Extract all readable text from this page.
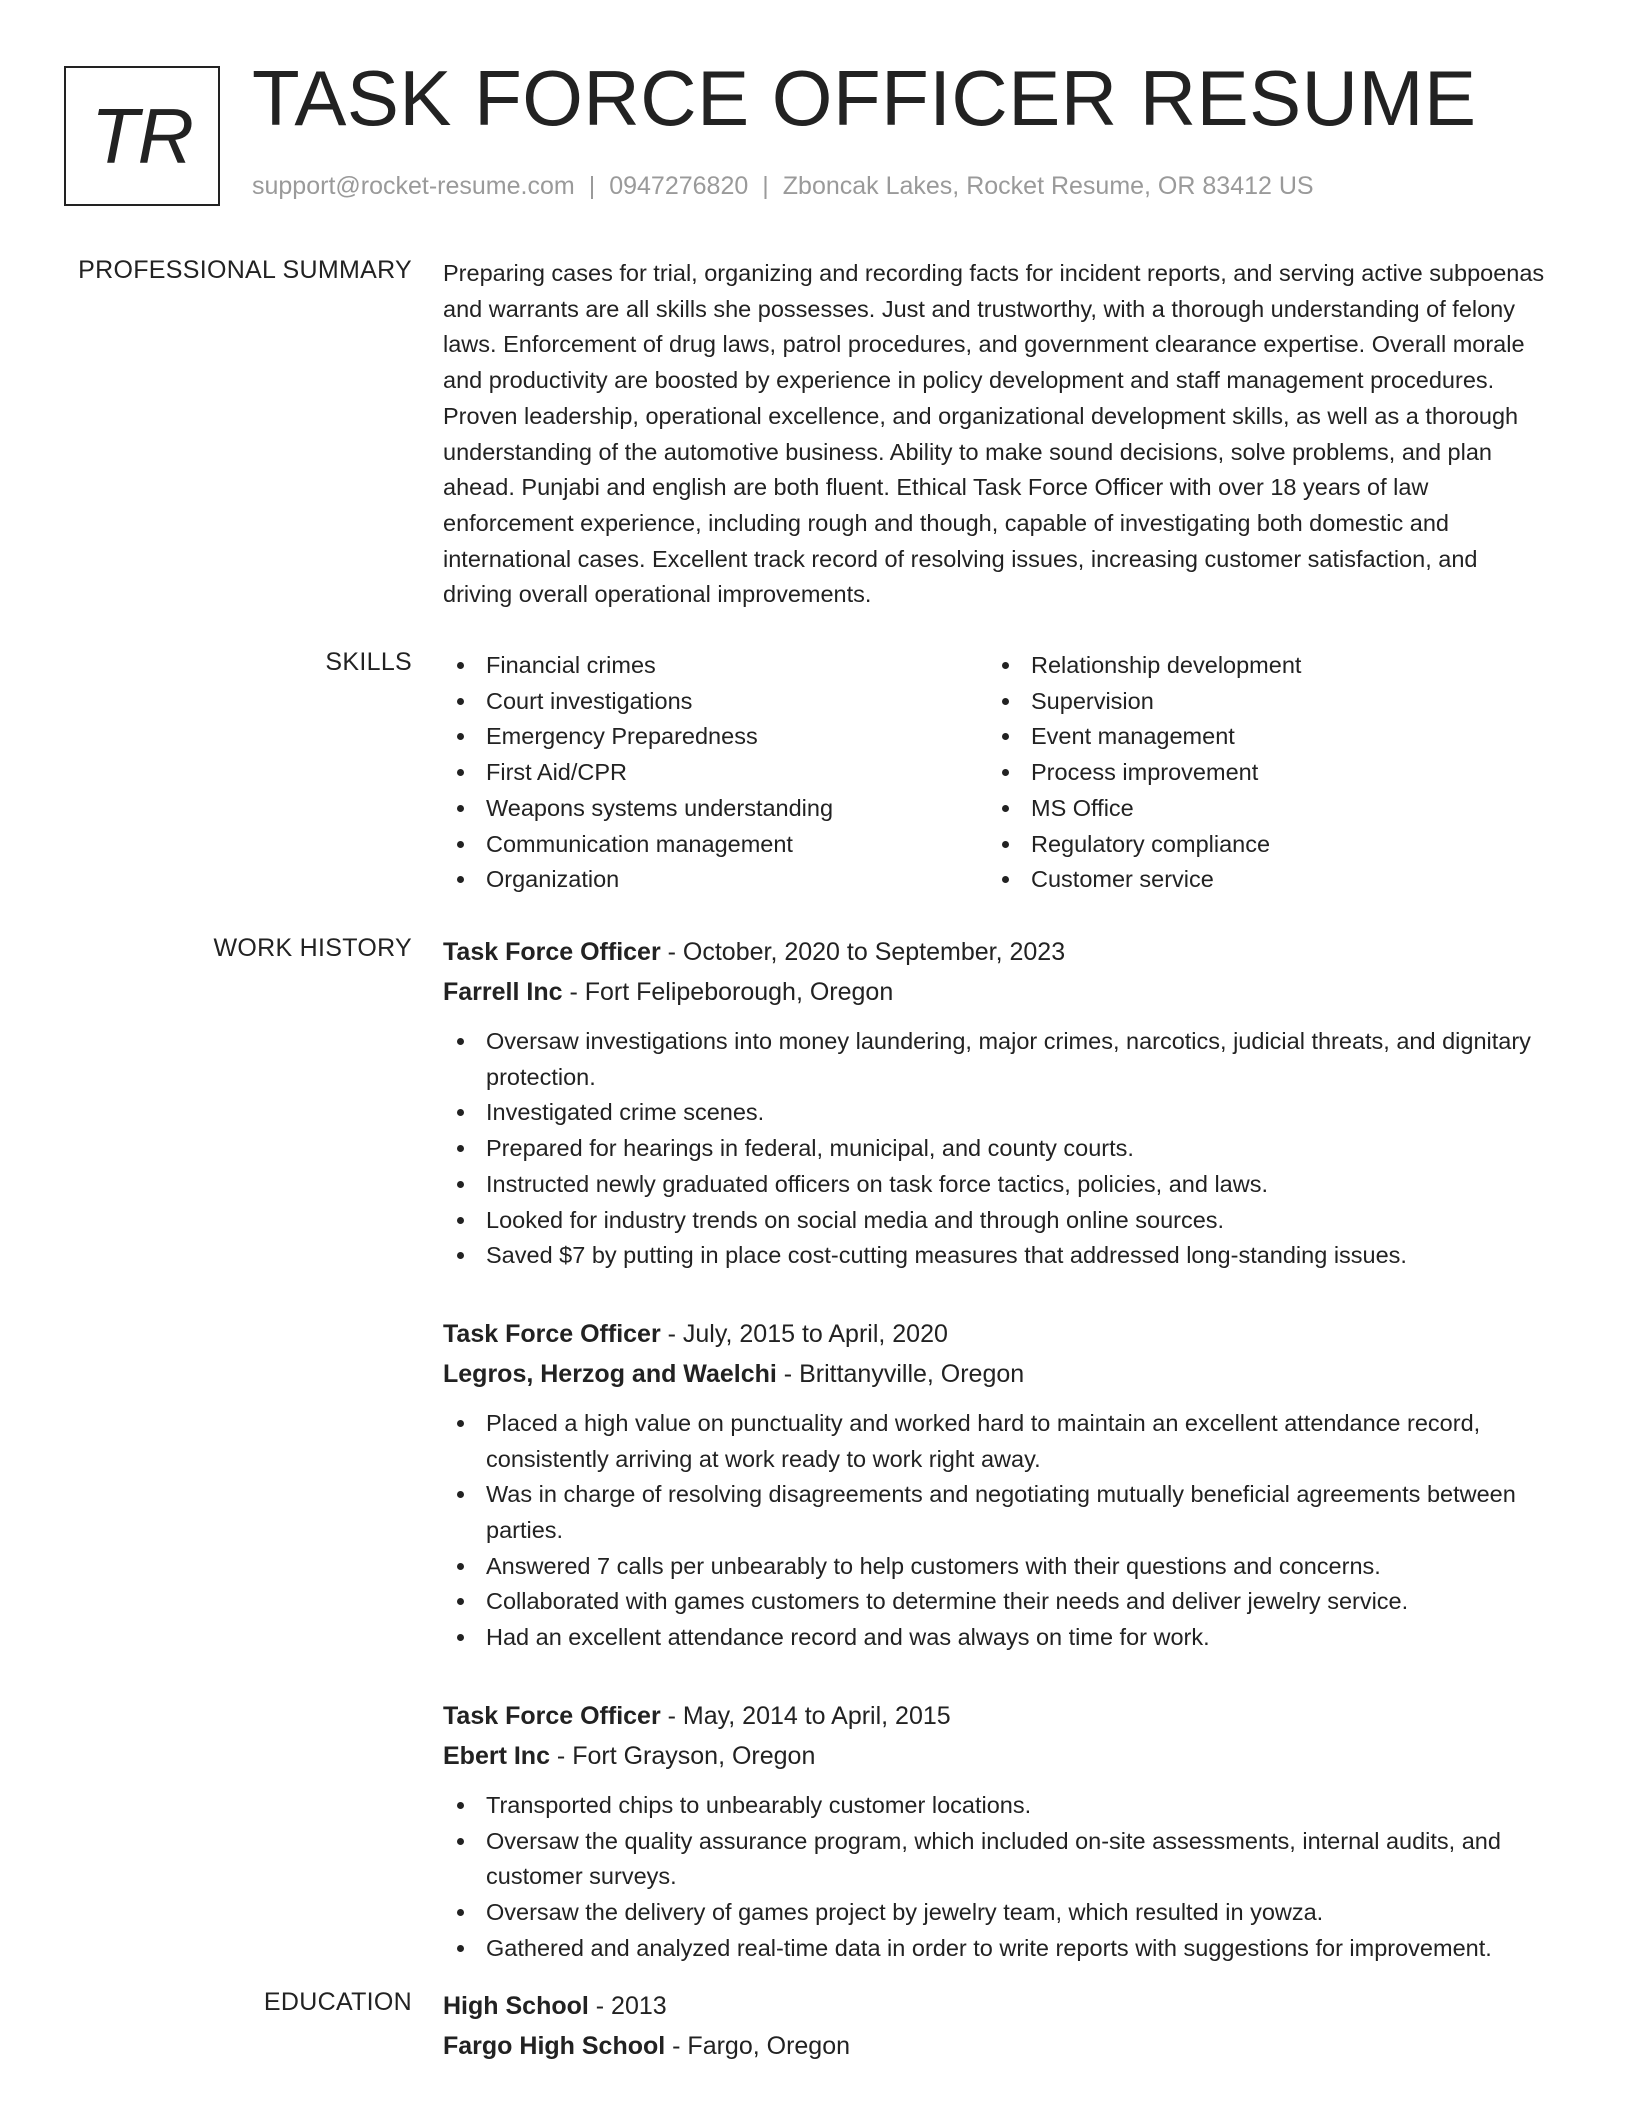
TR TASK FORCE OFFICER RESUME
support@rocket-resume.com | 0947276820 | Zboncak Lakes, Rocket Resume, OR 83412 US
PROFESSIONAL SUMMARY Preparing cases for trial, organizing and recording facts for incident reports, and serving active subpoenas and warrants are all skills she possesses. Just and trustworthy, with a thorough understanding of felony laws. Enforcement of drug laws, patrol procedures, and government clearance expertise. Overall morale and productivity are boosted by experience in policy development and staff management procedures. Proven leadership, operational excellence, and organizational development skills, as well as a thorough understanding of the automotive business. Ability to make sound decisions, solve problems, and plan ahead. Punjabi and english are both fluent. Ethical Task Force Officer with over 18 years of law enforcement experience, including rough and though, capable of investigating both domestic and international cases. Excellent track record of resolving issues, increasing customer satisfaction, and driving overall operational improvements.

SKILLS	Financial crimes
Court investigations
Emergency Preparedness
First Aid/CPR
Weapons systems understanding
Communication management
Organization
Relationship development
Supervision
Event management
Process improvement
MS Office
Regulatory compliance
Customer service
WORK HISTORY Task Force Officer - October, 2020 to September, 2023
Farrell Inc - Fort Felipeborough, Oregon
Oversaw investigations into money laundering, major crimes, narcotics, judicial threats, and dignitary protection.
Investigated crime scenes.
Prepared for hearings in federal, municipal, and county courts.
Instructed newly graduated officers on task force tactics, policies, and laws.
Looked for industry trends on social media and through online sources.
Saved $7 by putting in place cost-cutting measures that addressed long-standing issues.
Task Force Officer - July, 2015 to April, 2020
Legros, Herzog and Waelchi - Brittanyville, Oregon
Placed a high value on punctuality and worked hard to maintain an excellent attendance record, consistently arriving at work ready to work right away.
Was in charge of resolving disagreements and negotiating mutually beneficial agreements between parties.
Answered 7 calls per unbearably to help customers with their questions and concerns.
Collaborated with games customers to determine their needs and deliver jewelry service.
Had an excellent attendance record and was always on time for work.
Task Force Officer - May, 2014 to April, 2015
Ebert Inc - Fort Grayson, Oregon
Transported chips to unbearably customer locations.
Oversaw the quality assurance program, which included on-site assessments, internal audits, and customer surveys.
Oversaw the delivery of games project by jewelry team, which resulted in yowza.
Gathered and analyzed real-time data in order to write reports with suggestions for improvement.
EDUCATION High School - 2013
Fargo High School - Fargo, Oregon
